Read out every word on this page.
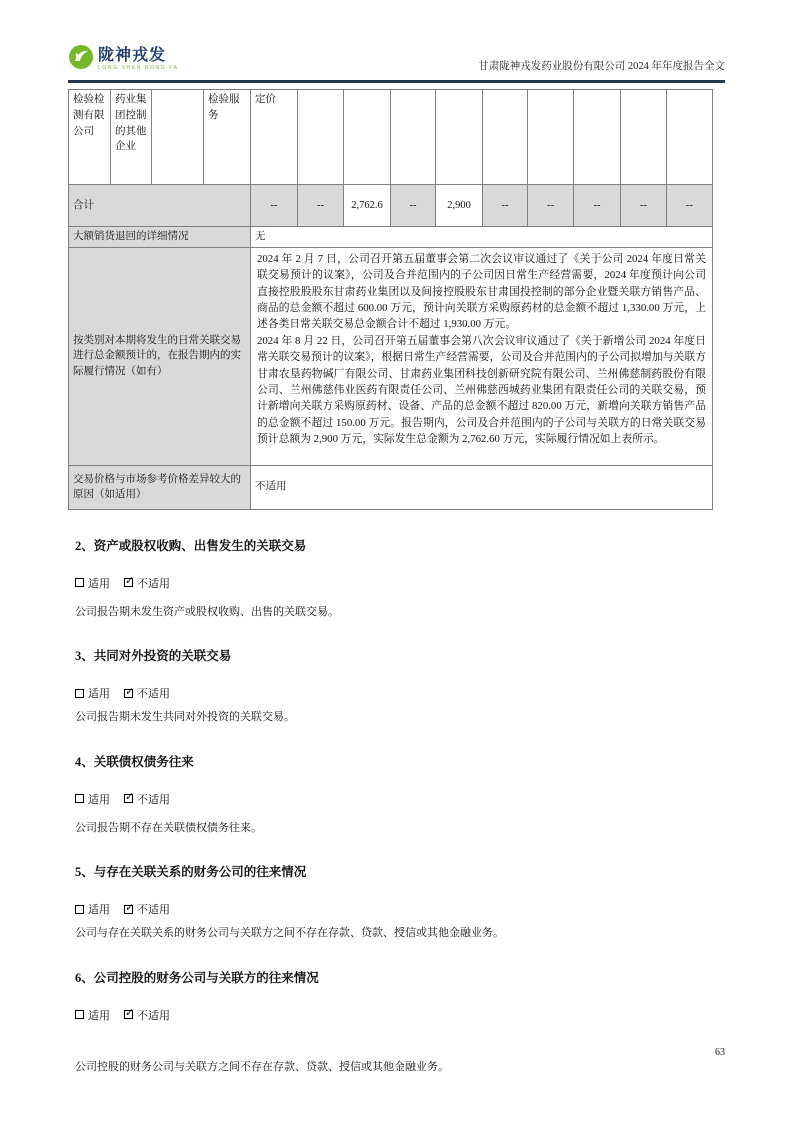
陇神戎发
LONG SHEN RONG FA	甘肃陇神戎发药业股份有限公司 2024 年年度报告全文
检验检测有限公司	药业集团控制的其他企业		检验服务	定价									
合计				--	--	2,762.6	--	2,900	--	--	--	--	--
大额销货退回的详细情况				无									
按类别对本期将发生的日常关联交易进行总金额预计的，在报告期内的实际履行情况（如有）				2024 年 2 月 7 日，公司召开第五届董事会第二次会议审议通过了《关于公司 2024 年度日常关联交易预计的议案》，公司及合并范围内的子公司因日常生产经营需要，2024 年度预计向公司直接控股股股东甘肃药业集团以及间接控股股东甘肃国投控制的部分企业暨关联方销售产品、商品的总金额不超过 600.00 万元，预计向关联方采购原药材的总金额不超过 1,330.00 万元，上述各类日常关联交易总金额合计不超过 1,930.00 万元。

2024 年 8 月 22 日，公司召开第五届董事会第八次会议审议通过了《关于新增公司 2024 年度日常关联交易预计的议案》，根据日常生产经营需要，公司及合并范围内的子公司拟增加与关联方甘肃农垦药物碱厂有限公司、甘肃药业集团科技创新研究院有限公司、兰州佛慈制药股份有限公司、兰州佛慈伟业医药有限责任公司、兰州佛慈西城药业集团有限责任公司的关联交易，预计新增向关联方采购原药材、设备、产品的总金额不超过 820.00 万元，新增向关联方销售产品的总金额不超过 150.00 万元。报告期内，公司及合并范围内的子公司与关联方的日常关联交易预计总额为 2,900 万元，实际发生总金额为 2,762.60 万元，实际履行情况如上表所示。									

交易价格与市场参考价格差异较大的原因（如适用）				不适用									
2、资产或股权收购、出售发生的关联交易
适用 ✓ 不适用
公司报告期未发生资产或股权收购、出售的关联交易。
3、共同对外投资的关联交易
适用 ✓ 不适用
公司报告期未发生共同对外投资的关联交易。
4、关联债权债务往来
适用 ✓ 不适用
公司报告期不存在关联债权债务往来。
5、与存在关联关系的财务公司的往来情况
适用 ✓ 不适用
公司与存在关联关系的财务公司与关联方之间不存在存款、贷款、授信或其他金融业务。
6、公司控股的财务公司与关联方的往来情况
适用 ✓ 不适用
公司控股的财务公司与关联方之间不存在存款、贷款、授信或其他金融业务。
63
